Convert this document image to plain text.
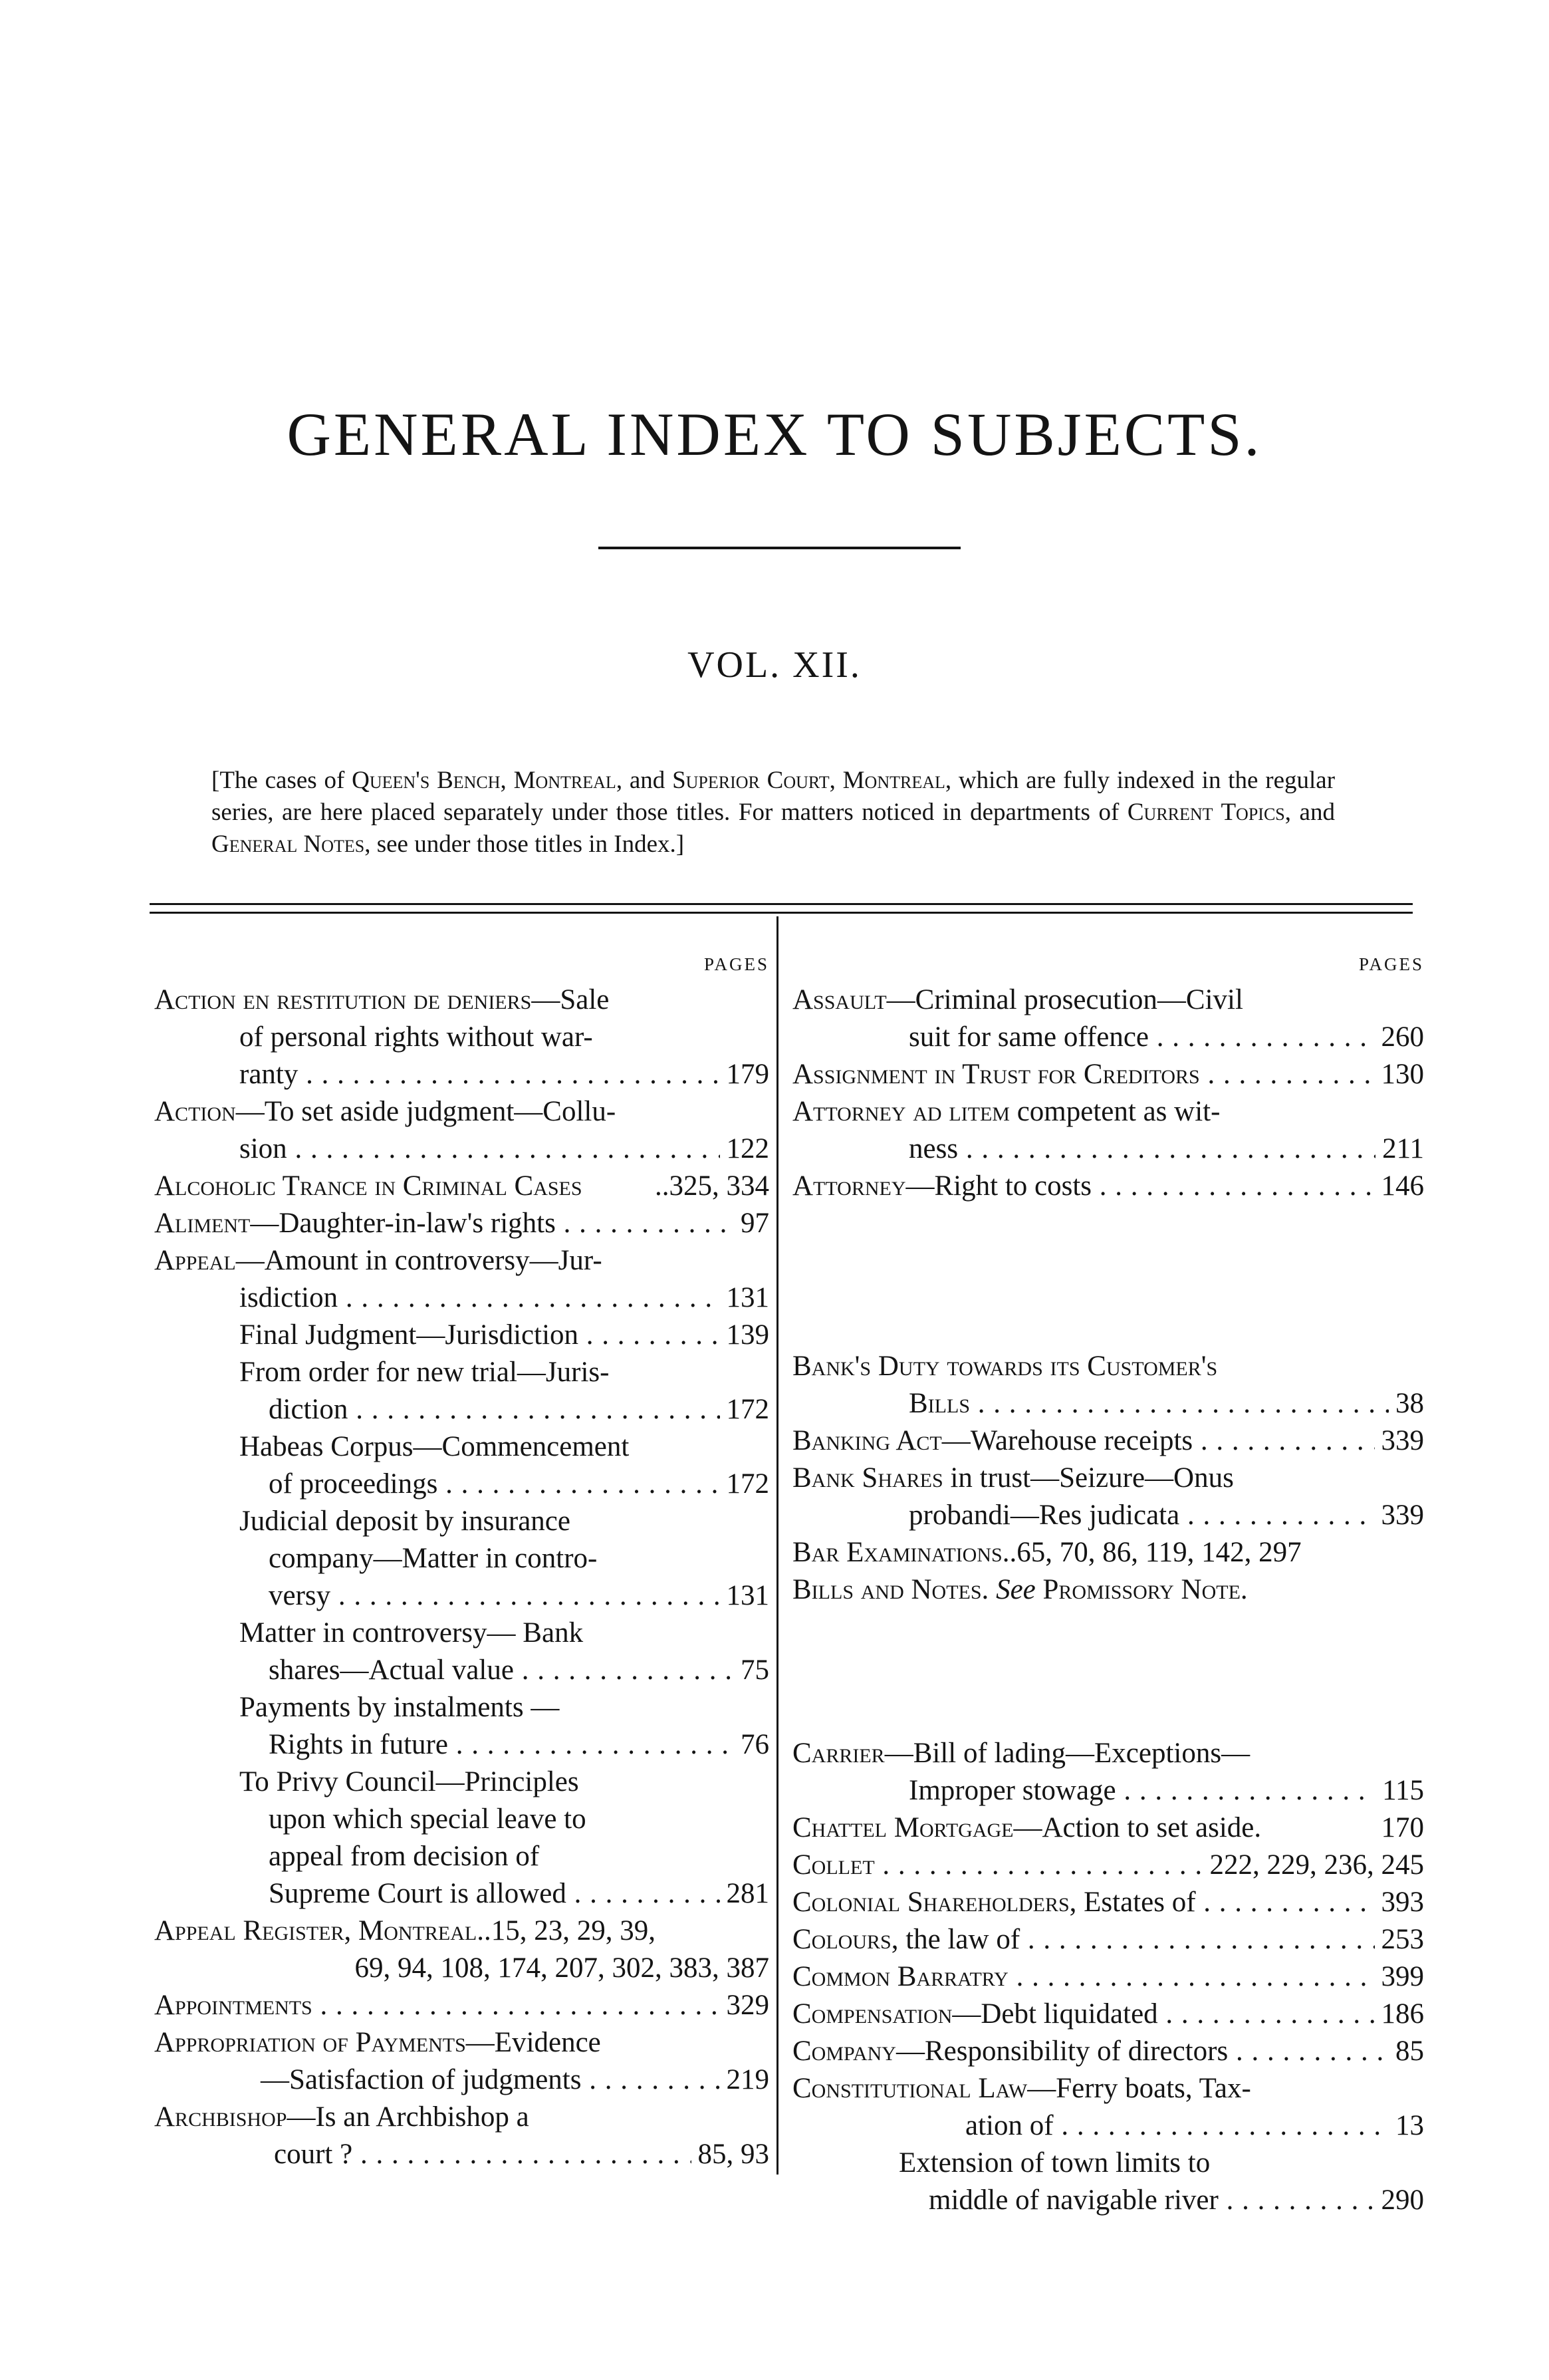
GENERAL INDEX TO SUBJECTS.
VOL. XII.
[The cases of Queen's Bench, Montreal, and Superior Court, Montreal, which are fully indexed in the regular series, are here placed separately under those titles. For matters noticed in departments of Current Topics, and General Notes, see under those titles in Index.]
PAGES
Action en restitution de deniers—Sale
of personal rights without war-
ranty . . .	179
Action—To set aside judgment—Collu-
sion . . .	122
Alcoholic Trance in Criminal Cases	..325, 334
Aliment—Daughter-in-law's rights . . .	97
Appeal—Amount in controversy—Jur-
isdiction . . .	131
Final Judgment—Jurisdiction . . .	139
From order for new trial—Juris-
diction . . .	172
Habeas Corpus—Commencement
of proceedings . . .	172
Judicial deposit by insurance
company—Matter in contro-
versy . . .	131
Matter in controversy— Bank
shares—Actual value . . .	75
Payments by instalments —
Rights in future . . .	76
To Privy Council—Principles
upon which special leave to
appeal from decision of
Supreme Court is allowed . . .	281
Appeal Register, Montreal..15, 23, 29, 39,
69, 94, 108, 174, 207, 302, 383, 387
Appointments . . .	329
Appropriation of Payments—Evidence
—Satisfaction of judgments . . .	219
Archbishop—Is an Archbishop a
court ? . . .	85, 93
PAGES
Assault—Criminal prosecution—Civil
suit for same offence . . .	260
Assignment in Trust for Creditors . . .	130
Attorney ad litem competent as wit-
ness . . .	211
Attorney—Right to costs . . .	146
Bank's Duty towards its Customer's
Bills . . .	38
Banking Act—Warehouse receipts . . .	339
Bank Shares in trust—Seizure—Onus
probandi—Res judicata . . .	339
Bar Examinations..65, 70, 86, 119, 142, 297
Bills and Notes. See Promissory Note.
Carrier—Bill of lading—Exceptions—
Improper stowage . . .	115
Chattel Mortgage—Action to set aside.	170
Collet . . .	222, 229, 236, 245
Colonial Shareholders, Estates of . . .	393
Colours, the law of . . .	253
Common Barratry . . .	399
Compensation—Debt liquidated . . .	186
Company—Responsibility of directors . . .	85
Constitutional Law—Ferry boats, Tax-
ation of . . .	13
Extension of town limits to
middle of navigable river . . .	290
